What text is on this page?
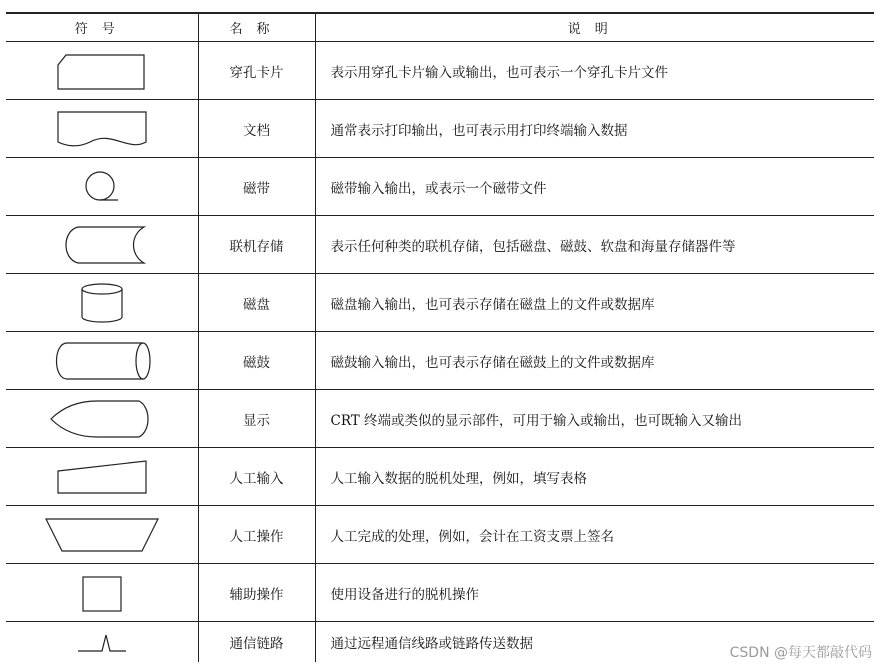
符号	名称	说明
	穿孔卡片	表示用穿孔卡片输入或输出，也可表示一个穿孔卡片文件
	文档	通常表示打印输出，也可表示用打印终端输入数据
	磁带	磁带输入输出，或表示一个磁带文件
	联机存储	表示任何种类的联机存储，包括磁盘、磁鼓、软盘和海量存储器件等
	磁盘	磁盘输入输出，也可表示存储在磁盘上的文件或数据库
	磁鼓	磁鼓输入输出，也可表示存储在磁鼓上的文件或数据库
	显示	CRT 终端或类似的显示部件，可用于输入或输出，也可既输入又输出
	人工输入	人工输入数据的脱机处理，例如，填写表格
	人工操作	人工完成的处理，例如，会计在工资支票上签名
	辅助操作	使用设备进行的脱机操作
	通信链路	通过远程通信线路或链路传送数据
CSDN @每天都敲代码
